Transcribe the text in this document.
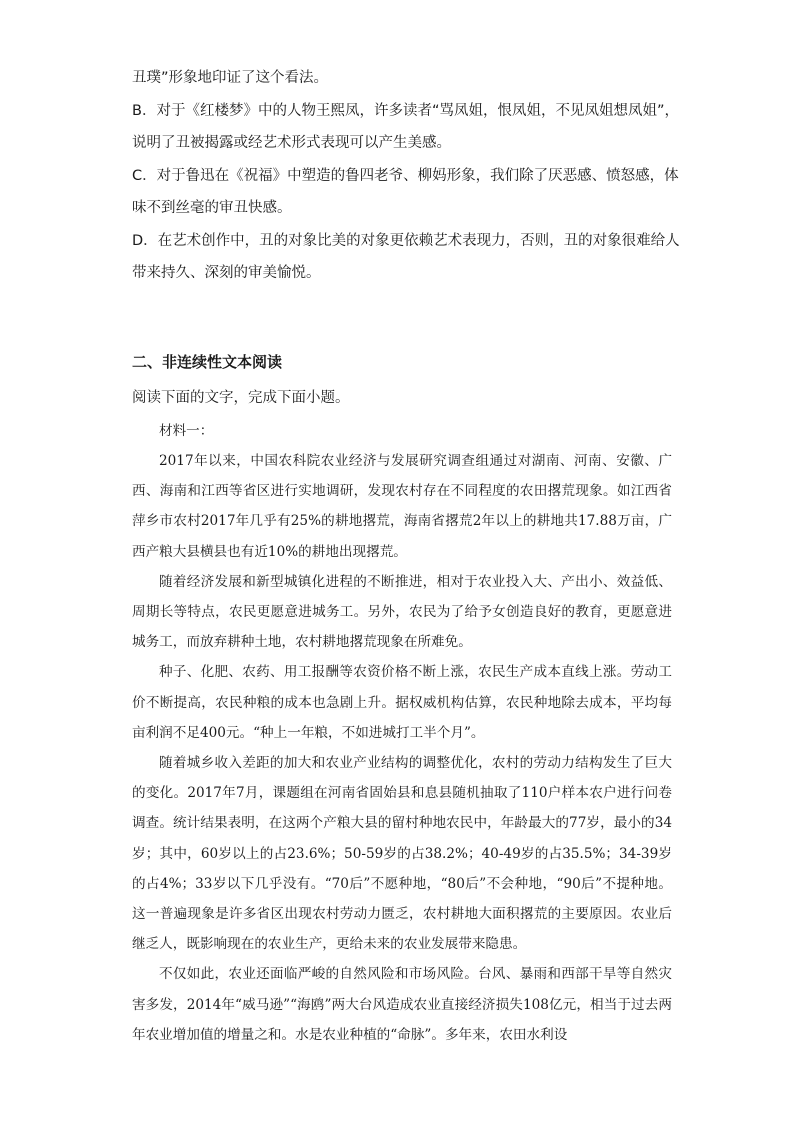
丑璞”形象地印证了这个看法。

B．对于《红楼梦》中的人物王熙凤，许多读者“骂凤姐，恨凤姐，不见凤姐想凤姐”，

说明了丑被揭露或经艺术形式表现可以产生美感。

C．对于鲁迅在《祝福》中塑造的鲁四老爷、柳妈形象，我们除了厌恶感、愤怒感，体

味不到丝毫的审丑快感。

D．在艺术创作中，丑的对象比美的对象更依赖艺术表现力，否则，丑的对象很难给人

带来持久、深刻的审美愉悦。

二、非连续性文本阅读

阅读下面的文字，完成下面小题。

材料一：

2017年以来，中国农科院农业经济与发展研究调查组通过对湖南、河南、安徽、广西、海南和江西等省区进行实地调研，发现农村存在不同程度的农田撂荒现象。如江西省萍乡市农村2017年几乎有25%的耕地撂荒，海南省撂荒2年以上的耕地共17.88万亩，广西产粮大县横县也有近10%的耕地出现撂荒。

随着经济发展和新型城镇化进程的不断推进，相对于农业投入大、产出小、效益低、周期长等特点，农民更愿意进城务工。另外，农民为了给予女创造良好的教育，更愿意进城务工，而放弃耕种土地，农村耕地撂荒现象在所难免。

种子、化肥、农药、用工报酬等农资价格不断上涨，农民生产成本直线上涨。劳动工价不断提高，农民种粮的成本也急剧上升。据权威机构估算，农民种地除去成本，平均每亩利润不足400元。“种上一年粮，不如进城打工半个月”。

随着城乡收入差距的加大和农业产业结构的调整优化，农村的劳动力结构发生了巨大的变化。2017年7月，课题组在河南省固始县和息县随机抽取了110户样本农户进行问卷调查。统计结果表明，在这两个产粮大县的留村种地农民中，年龄最大的77岁，最小的34岁；其中，60岁以上的占23.6%；50-59岁的占38.2%；40-49岁的占35.5%；34-39岁的占4%；33岁以下几乎没有。“70后”不愿种地，“80后”不会种地，“90后”不提种地。这一普遍现象是许多省区出现农村劳动力匮乏，农村耕地大面积撂荒的主要原因。农业后继乏人，既影响现在的农业生产，更给未来的农业发展带来隐患。

不仅如此，农业还面临严峻的自然风险和市场风险。台风、暴雨和西部干旱等自然灾害多发，2014年“威马逊”“海鸥”两大台风造成农业直接经济损失108亿元，相当于过去两年农业增加值的增量之和。水是农业种植的“命脉”。多年来，农田水利设
